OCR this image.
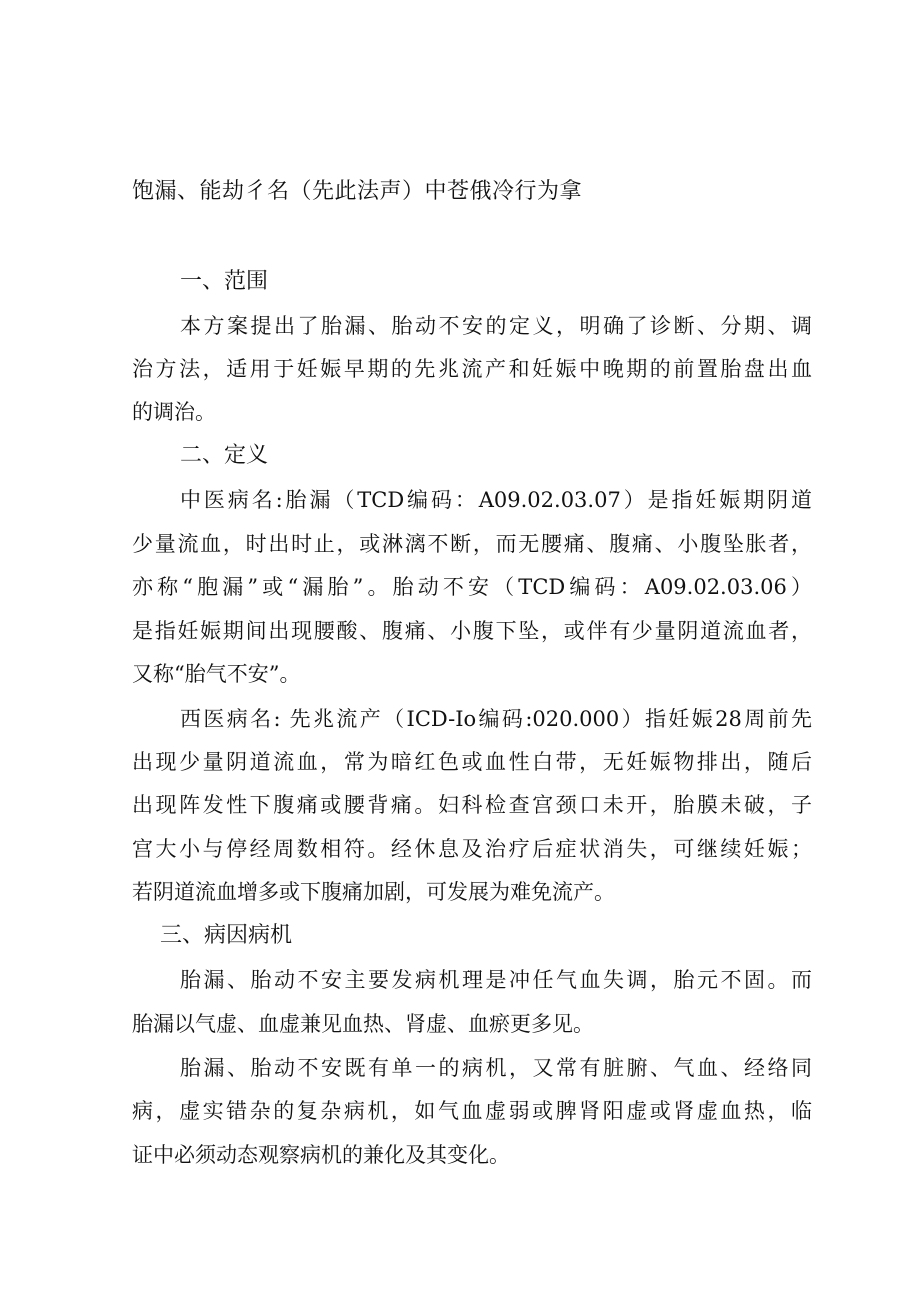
饱漏、能劫彳名（先此法声）中苍俄冷行为拿
一、范围
本方案提出了胎漏、胎动不安的定义，明确了诊断、分期、调
治方法，适用于妊娠早期的先兆流产和妊娠中晚期的前置胎盘出血
的调治。
二、定义
中医病名:胎漏（TCD编码：A09.02.03.07）是指妊娠期阴道
少量流血，时出时止，或淋漓不断，而无腰痛、腹痛、小腹坠胀者，
亦称“胞漏”或“漏胎”。胎动不安（TCD编码：A09.02.03.06）
是指妊娠期间出现腰酸、腹痛、小腹下坠，或伴有少量阴道流血者，
又称“胎气不安”。
西医病名: 先兆流产（ICD-Io编码:020.000）指妊娠28周前先
出现少量阴道流血，常为暗红色或血性白带，无妊娠物排出，随后
出现阵发性下腹痛或腰背痛。妇科检查宫颈口未开，胎膜未破，子
宫大小与停经周数相符。经休息及治疗后症状消失，可继续妊娠；
若阴道流血增多或下腹痛加剧，可发展为难免流产。
三、病因病机
胎漏、胎动不安主要发病机理是冲任气血失调，胎元不固。而
胎漏以气虚、血虚兼见血热、肾虚、血瘀更多见。
胎漏、胎动不安既有单一的病机，又常有脏腑、气血、经络同
病，虚实错杂的复杂病机，如气血虚弱或脾肾阳虚或肾虚血热，临
证中必须动态观察病机的兼化及其变化。
